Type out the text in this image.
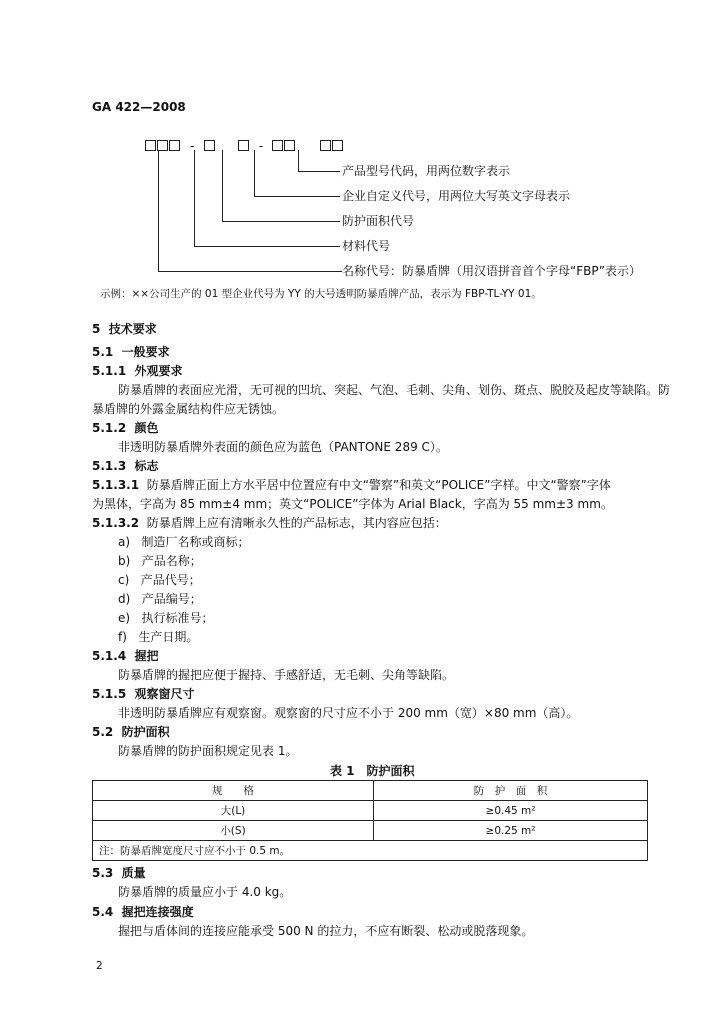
GA 422—2008
-	-
产品型号代码，用两位数字表示
企业自定义代号，用两位大写英文字母表示
防护面积代号
材料代号
名称代号：防暴盾牌（用汉语拼音首个字母“FBP”表示）
示例：××公司生产的 01 型企业代号为 YY 的大号透明防暴盾牌产品，表示为 FBP-TL-YY 01。
5 技术要求
5.1 一般要求
5.1.1 外观要求
防暴盾牌的表面应光滑，无可视的凹坑、突起、气泡、毛刺、尖角、划伤、斑点、脱胶及起皮等缺陷。防
暴盾牌的外露金属结构件应无锈蚀。
5.1.2 颜色
非透明防暴盾牌外表面的颜色应为蓝色（PANTONE 289 C）。
5.1.3 标志
5.1.3.1 防暴盾牌正面上方水平居中位置应有中文“警察”和英文“POLICE”字样。中文“警察”字体
为黑体，字高为 85 mm±4 mm；英文“POLICE”字体为 Arial Black，字高为 55 mm±3 mm。
5.1.3.2 防暴盾牌上应有清晰永久性的产品标志，其内容应包括：
a) 制造厂名称或商标；
b) 产品名称；
c) 产品代号；
d) 产品编号；
e) 执行标准号；
f) 生产日期。
5.1.4 握把
防暴盾牌的握把应便于握持、手感舒适，无毛刺、尖角等缺陷。
5.1.5 观察窗尺寸
非透明防暴盾牌应有观察窗。观察窗的尺寸应不小于 200 mm（宽）×80 mm（高）。
5.2 防护面积
防暴盾牌的防护面积规定见表 1。
表 1　防护面积
规　　格	防　护　面　积
大(L)	≥0.45 m²
小(S)	≥0.25 m²
注：防暴盾牌宽度尺寸应不小于 0.5 m。	
5.3 质量
防暴盾牌的质量应小于 4.0 kg。
5.4 握把连接强度
握把与盾体间的连接应能承受 500 N 的拉力，不应有断裂、松动或脱落现象。
2
